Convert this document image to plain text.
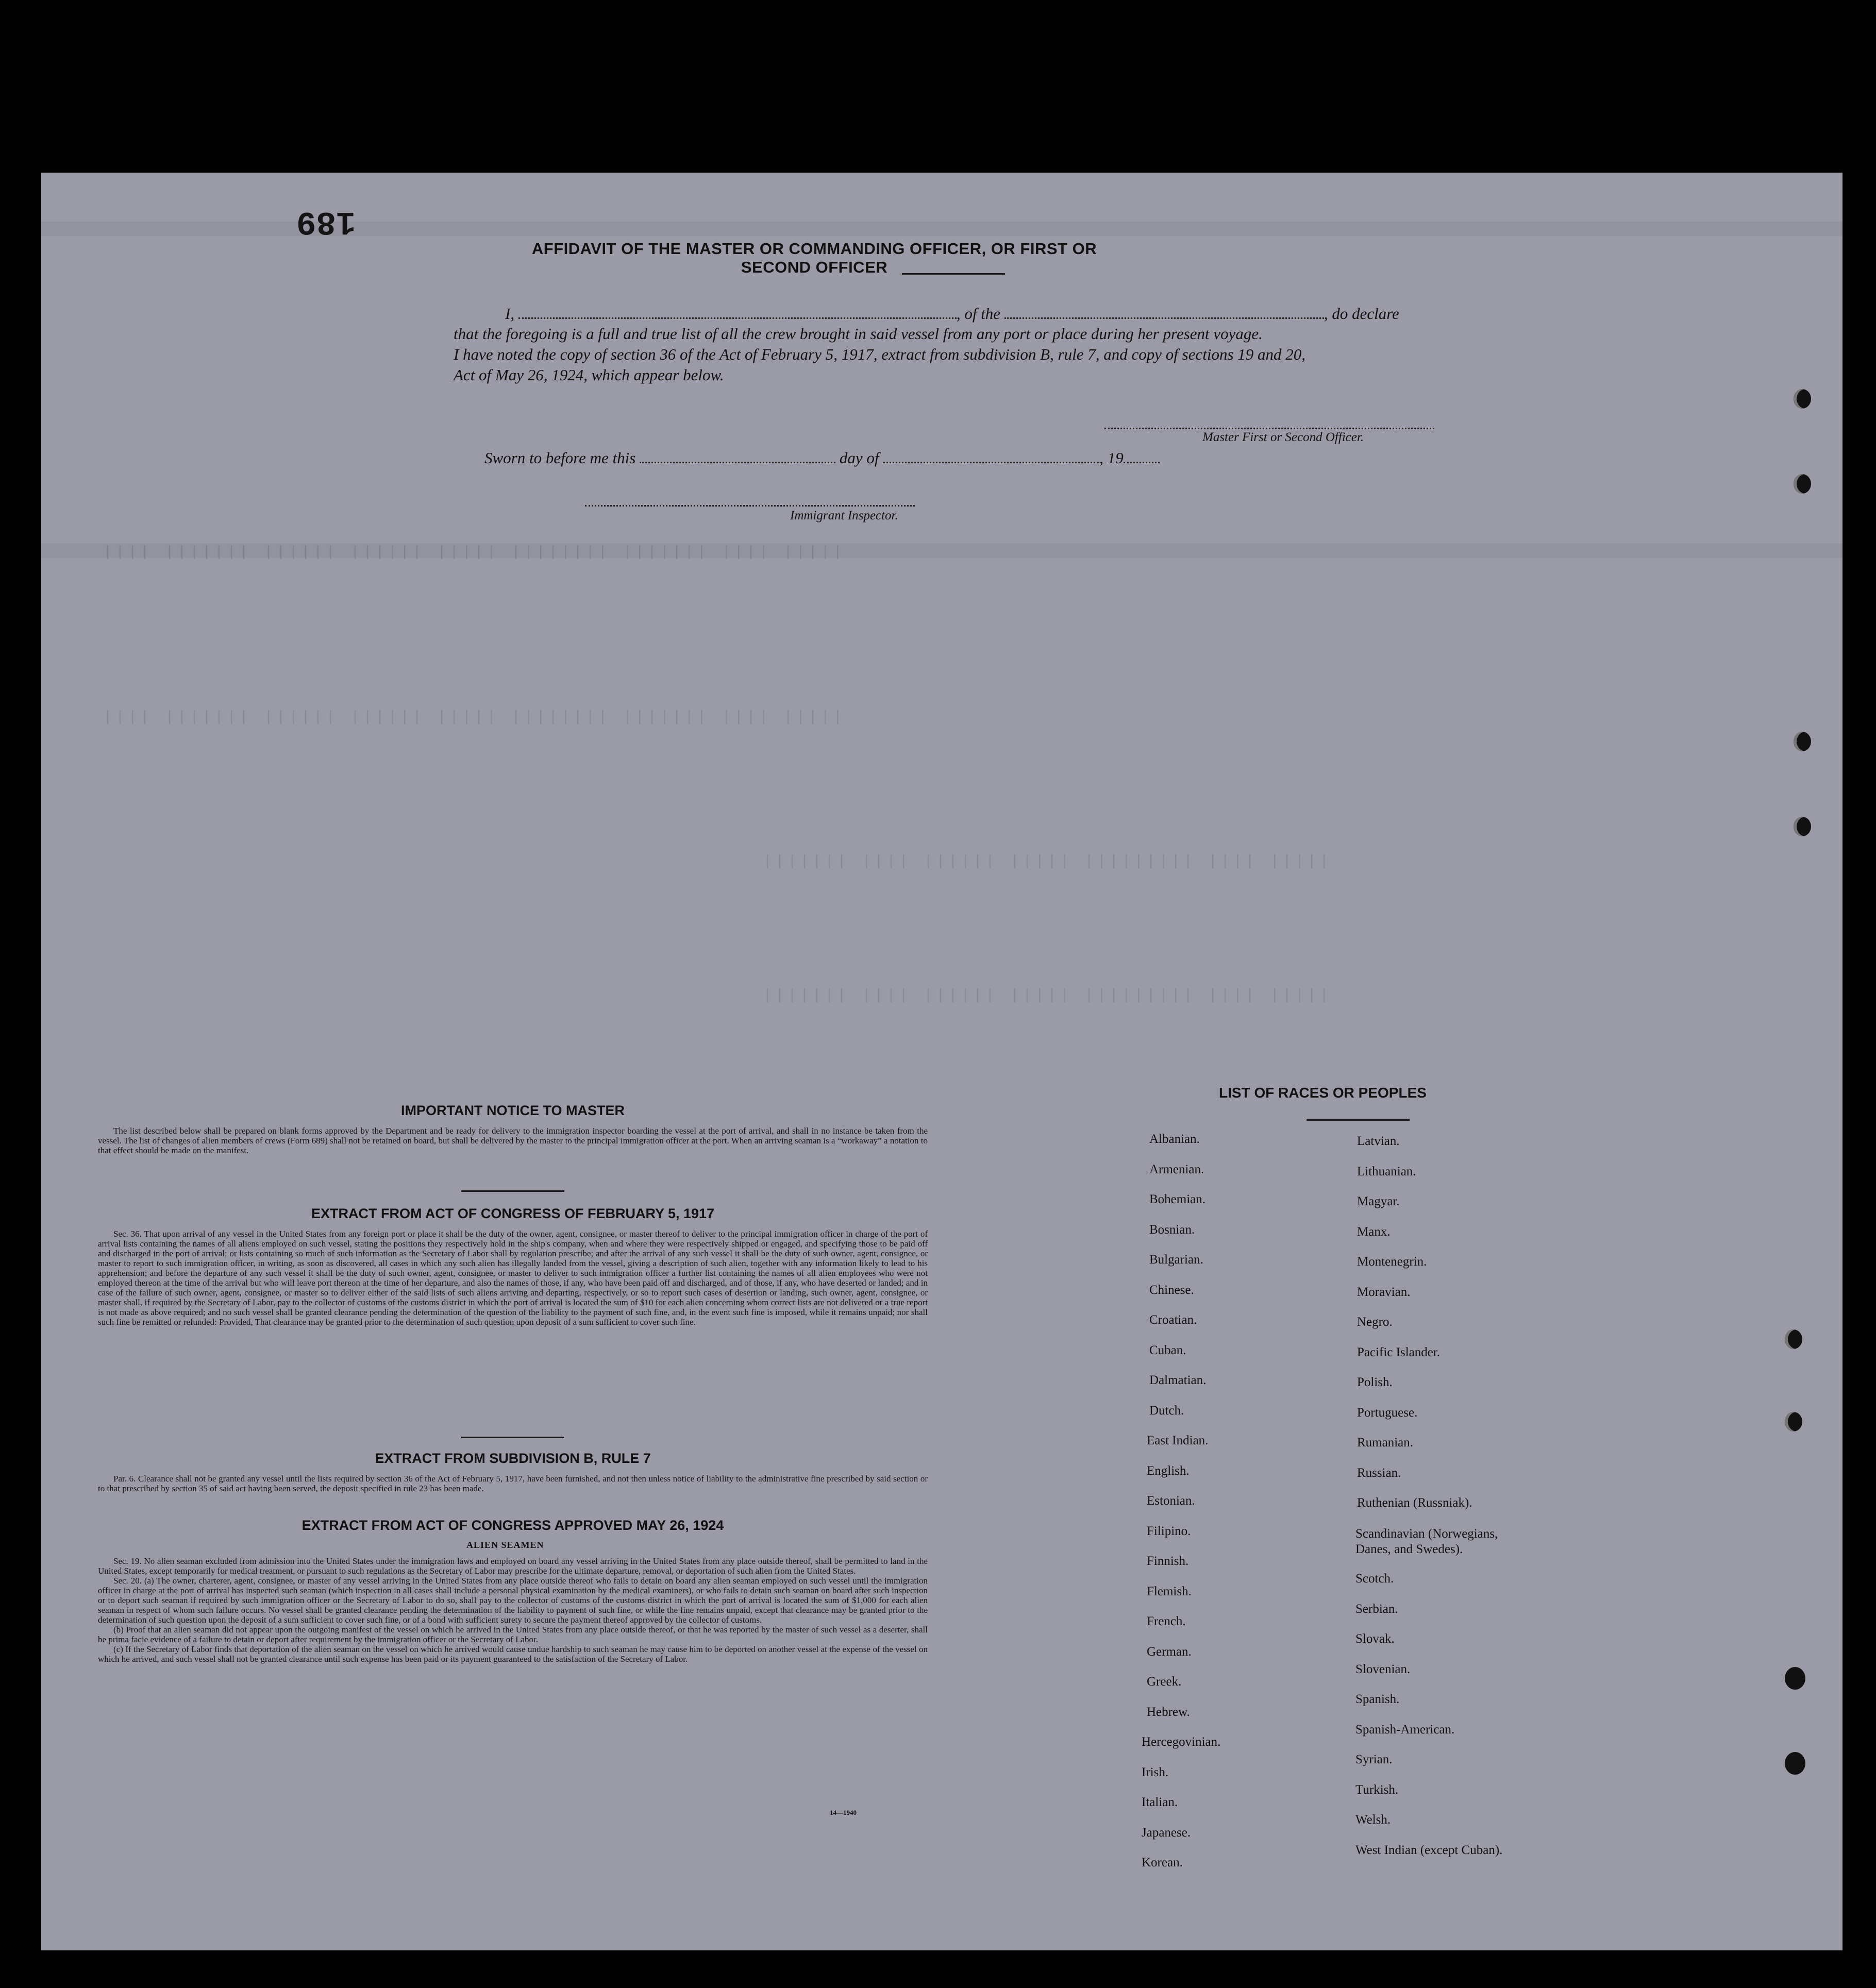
|||| ||||||| |||||| |||||| ||||| |||||||| ||||||| |||| |||||
|||| ||||||| |||||| |||||| ||||| |||||||| ||||||| |||| |||||
||||||| |||| |||||| ||||| ||||||||| |||| |||||
||||||| |||| |||||| ||||| ||||||||| |||| |||||
189
AFFIDAVIT OF THE MASTER OR COMMANDING OFFICER, OR FIRST OR SECOND OFFICER
I,	, of the	, do declare
that the foregoing is a full and true list of all the crew brought in said vessel from any port or place during her present voyage.
I have noted the copy of section 36 of the Act of February 5, 1917, extract from subdivision B, rule 7, and copy of sections 19 and 20,
Act of May 26, 1924, which appear below.
Master First or Second Officer.
Sworn to before me this	day of	, 19
Immigrant Inspector.
IMPORTANT NOTICE TO MASTER

The list described below shall be prepared on blank forms approved by the Department and be ready for delivery to the immigration inspector boarding the vessel at the port of arrival, and shall in no instance be taken from the vessel. The list of changes of alien members of crews (Form 689) shall not be retained on board, but shall be delivered by the master to the principal immigration officer at the port. When an arriving seaman is a “workaway” a notation to that effect should be made on the manifest.

EXTRACT FROM ACT OF CONGRESS OF FEBRUARY 5, 1917

Sec. 36. That upon arrival of any vessel in the United States from any foreign port or place it shall be the duty of the owner, agent, consignee, or master thereof to deliver to the principal immigration officer in charge of the port of arrival lists containing the names of all aliens employed on such vessel, stating the positions they respectively hold in the ship's company, when and where they were respectively shipped or engaged, and specifying those to be paid off and discharged in the port of arrival; or lists containing so much of such information as the Secretary of Labor shall by regulation prescribe; and after the arrival of any such vessel it shall be the duty of such owner, agent, consignee, or master to report to such immigration officer, in writing, as soon as discovered, all cases in which any such alien has illegally landed from the vessel, giving a description of such alien, together with any information likely to lead to his apprehension; and before the departure of any such vessel it shall be the duty of such owner, agent, consignee, or master to deliver to such immigration officer a further list containing the names of all alien employees who were not employed thereon at the time of the arrival but who will leave port thereon at the time of her departure, and also the names of those, if any, who have been paid off and discharged, and of those, if any, who have deserted or landed; and in case of the failure of such owner, agent, consignee, or master so to deliver either of the said lists of such aliens arriving and departing, respectively, or so to report such cases of desertion or landing, such owner, agent, consignee, or master shall, if required by the Secretary of Labor, pay to the collector of customs of the customs district in which the port of arrival is located the sum of $10 for each alien concerning whom correct lists are not delivered or a true report is not made as above required; and no such vessel shall be granted clearance pending the determination of the question of the liability to the payment of such fine, and, in the event such fine is imposed, while it remains unpaid; nor shall such fine be remitted or refunded: Provided, That clearance may be granted prior to the determination of such question upon deposit of a sum sufficient to cover such fine.

EXTRACT FROM SUBDIVISION B, RULE 7

Par. 6. Clearance shall not be granted any vessel until the lists required by section 36 of the Act of February 5, 1917, have been furnished, and not then unless notice of liability to the administrative fine prescribed by said section or to that prescribed by section 35 of said act having been served, the deposit specified in rule 23 has been made.

EXTRACT FROM ACT OF CONGRESS APPROVED MAY 26, 1924
ALIEN SEAMEN

Sec. 19. No alien seaman excluded from admission into the United States under the immigration laws and employed on board any vessel arriving in the United States from any place outside thereof, shall be permitted to land in the United States, except temporarily for medical treatment, or pursuant to such regulations as the Secretary of Labor may prescribe for the ultimate departure, removal, or deportation of such alien from the United States.

Sec. 20. (a) The owner, charterer, agent, consignee, or master of any vessel arriving in the United States from any place outside thereof who fails to detain on board any alien seaman employed on such vessel until the immigration officer in charge at the port of arrival has inspected such seaman (which inspection in all cases shall include a personal physical examination by the medical examiners), or who fails to detain such seaman on board after such inspection or to deport such seaman if required by such immigration officer or the Secretary of Labor to do so, shall pay to the collector of customs of the customs district in which the port of arrival is located the sum of $1,000 for each alien seaman in respect of whom such failure occurs. No vessel shall be granted clearance pending the determination of the liability to payment of such fine, or while the fine remains unpaid, except that clearance may be granted prior to the determination of such question upon the deposit of a sum sufficient to cover such fine, or of a bond with sufficient surety to secure the payment thereof approved by the collector of customs.

(b) Proof that an alien seaman did not appear upon the outgoing manifest of the vessel on which he arrived in the United States from any place outside thereof, or that he was reported by the master of such vessel as a deserter, shall be prima facie evidence of a failure to detain or deport after requirement by the immigration officer or the Secretary of Labor.

(c) If the Secretary of Labor finds that deportation of the alien seaman on the vessel on which he arrived would cause undue hardship to such seaman he may cause him to be deported on another vessel at the expense of the vessel on which he arrived, and such vessel shall not be granted clearance until such expense has been paid or its payment guaranteed to the satisfaction of the Secretary of Labor.

14—1940
LIST OF RACES OR PEOPLES
Albanian.
Armenian.
Bohemian.
Bosnian.
Bulgarian.
Chinese.
Croatian.
Cuban.
Dalmatian.
Dutch.
East Indian.
English.
Estonian.
Filipino.
Finnish.
Flemish.
French.
German.
Greek.
Hebrew.
Hercegovinian.
Irish.
Italian.
Japanese.
Korean.
Latvian.
Lithuanian.
Magyar.
Manx.
Montenegrin.
Moravian.
Negro.
Pacific Islander.
Polish.
Portuguese.
Rumanian.
Russian.
Ruthenian (Russniak).
Scandinavian (Norwegians, Danes, and Swedes).
Scotch.
Serbian.
Slovak.
Slovenian.
Spanish.
Spanish-American.
Syrian.
Turkish.
Welsh.
West Indian (except Cuban).
